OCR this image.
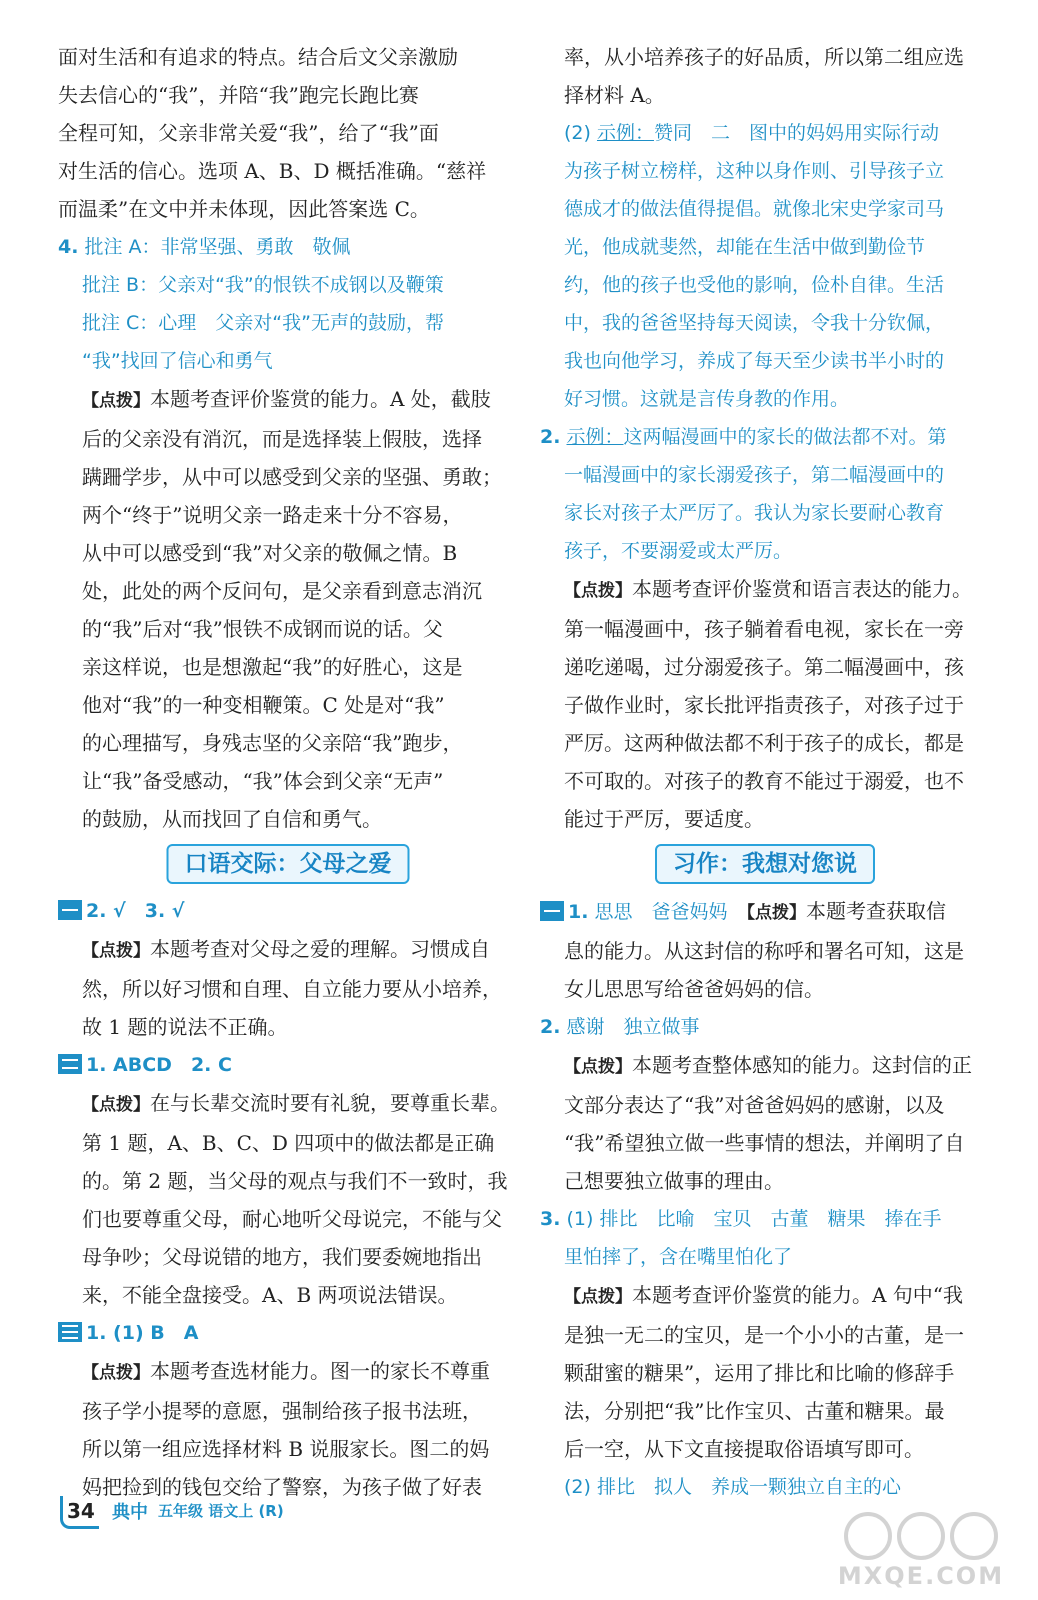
面对生活和有追求的特点。结合后文父亲激励

失去信心的“我”，并陪“我”跑完长跑比赛

全程可知，父亲非常关爱“我”，给了“我”面

对生活的信心。选项 A、B、D 概括准确。“慈祥

而温柔”在文中并未体现，因此答案选 C。

4. 批注 A：非常坚强、勇敢　敬佩

批注 B：父亲对“我”的恨铁不成钢以及鞭策

批注 C：心理　父亲对“我”无声的鼓励，帮

“我”找回了信心和勇气

【点拨】本题考查评价鉴赏的能力。A 处，截肢

后的父亲没有消沉，而是选择装上假肢，选择

蹒跚学步，从中可以感受到父亲的坚强、勇敢；

两个“终于”说明父亲一路走来十分不容易，

从中可以感受到“我”对父亲的敬佩之情。B

处，此处的两个反问句，是父亲看到意志消沉

的“我”后对“我”恨铁不成钢而说的话。父

亲这样说，也是想激起“我”的好胜心，这是

他对“我”的一种变相鞭策。C 处是对“我”

的心理描写，身残志坚的父亲陪“我”跑步，

让“我”备受感动，“我”体会到父亲“无声”

的鼓励，从而找回了自信和勇气。

口语交际：父母之爱

2. √　3. √

【点拨】本题考查对父母之爱的理解。习惯成自

然，所以好习惯和自理、自立能力要从小培养，

故 1 题的说法不正确。

1. ABCD　2. C

【点拨】在与长辈交流时要有礼貌，要尊重长辈。

第 1 题，A、B、C、D 四项中的做法都是正确

的。第 2 题，当父母的观点与我们不一致时，我

们也要尊重父母，耐心地听父母说完，不能与父

母争吵；父母说错的地方，我们要委婉地指出

来，不能全盘接受。A、B 两项说法错误。

1. (1) B　A

【点拨】本题考查选材能力。图一的家长不尊重

孩子学小提琴的意愿，强制给孩子报书法班，

所以第一组应选择材料 B 说服家长。图二的妈

妈把捡到的钱包交给了警察，为孩子做了好表

率，从小培养孩子的好品质，所以第二组应选

择材料 A。

(2) 示例：赞同　二　图中的妈妈用实际行动

为孩子树立榜样，这种以身作则、引导孩子立

德成才的做法值得提倡。就像北宋史学家司马

光，他成就斐然，却能在生活中做到勤俭节

约，他的孩子也受他的影响，俭朴自律。生活

中，我的爸爸坚持每天阅读，令我十分钦佩，

我也向他学习，养成了每天至少读书半小时的

好习惯。这就是言传身教的作用。

2. 示例：这两幅漫画中的家长的做法都不对。第

一幅漫画中的家长溺爱孩子，第二幅漫画中的

家长对孩子太严厉了。我认为家长要耐心教育

孩子，不要溺爱或太严厉。

【点拨】本题考查评价鉴赏和语言表达的能力。

第一幅漫画中，孩子躺着看电视，家长在一旁

递吃递喝，过分溺爱孩子。第二幅漫画中，孩

子做作业时，家长批评指责孩子，对孩子过于

严厉。这两种做法都不利于孩子的成长，都是

不可取的。对孩子的教育不能过于溺爱，也不

能过于严厉，要适度。

习作：我想对您说

1. 思思　爸爸妈妈　 【点拨】本题考查获取信

息的能力。从这封信的称呼和署名可知，这是

女儿思思写给爸爸妈妈的信。

2. 感谢　独立做事

【点拨】本题考查整体感知的能力。这封信的正

文部分表达了“我”对爸爸妈妈的感谢，以及

“我”希望独立做一些事情的想法，并阐明了自

己想要独立做事的理由。

3. (1) 排比　比喻　宝贝　古董　糖果　捧在手

里怕摔了，含在嘴里怕化了

【点拨】本题考查评价鉴赏的能力。A 句中“我

是独一无二的宝贝，是一个小小的古董，是一

颗甜蜜的糖果”，运用了排比和比喻的修辞手

法，分别把“我”比作宝贝、古董和糖果。最

后一空，从下文直接提取俗语填写即可。

(2) 排比　拟人　养成一颗独立自主的心

34 典中 五年级 语文上 (R)
MXQE.COM
